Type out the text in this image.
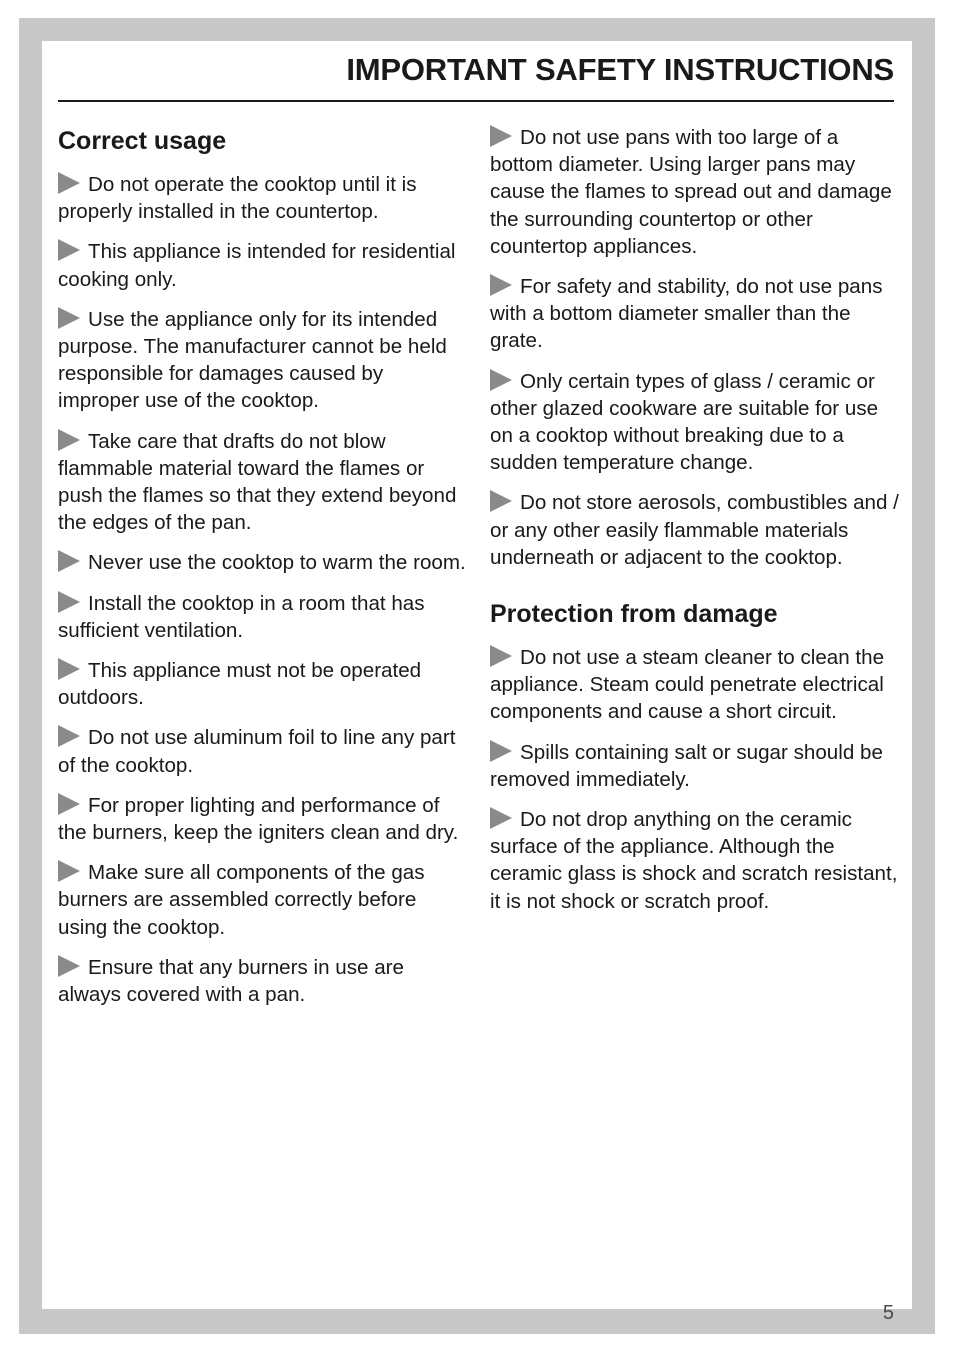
IMPORTANT SAFETY INSTRUCTIONS
Correct usage

Do not operate the cooktop until it is properly installed in the countertop.

This appliance is intended for residential cooking only.

Use the appliance only for its intended purpose. The manufacturer cannot be held responsible for damages caused by improper use of the cooktop.

Take care that drafts do not blow flammable material toward the flames or push the flames so that they extend beyond the edges of the pan.

Never use the cooktop to warm the room.

Install the cooktop in a room that has sufficient ventilation.

This appliance must not be operated outdoors.

Do not use aluminum foil to line any part of the cooktop.

For proper lighting and performance of the burners, keep the igniters clean and dry.

Make sure all components of the gas burners are assembled correctly before using the cooktop.

Ensure that any burners in use are always covered with a pan.

Do not use pans with too large of a bottom diameter. Using larger pans may cause the flames to spread out and damage the surrounding countertop or other countertop appliances.

For safety and stability, do not use pans with a bottom diameter smaller than the grate.

Only certain types of glass / ceramic or other glazed cookware are suitable for use on a cooktop without breaking due to a sudden temperature change.

Do not store aerosols, combustibles and / or any other easily flammable materials underneath or adjacent to the cooktop.

Protection from damage

Do not use a steam cleaner to clean the appliance. Steam could penetrate electrical components and cause a short circuit.

Spills containing salt or sugar should be removed immediately.

Do not drop anything on the ceramic surface of the appliance. Although the ceramic glass is shock and scratch resistant, it is not shock or scratch proof.

5
